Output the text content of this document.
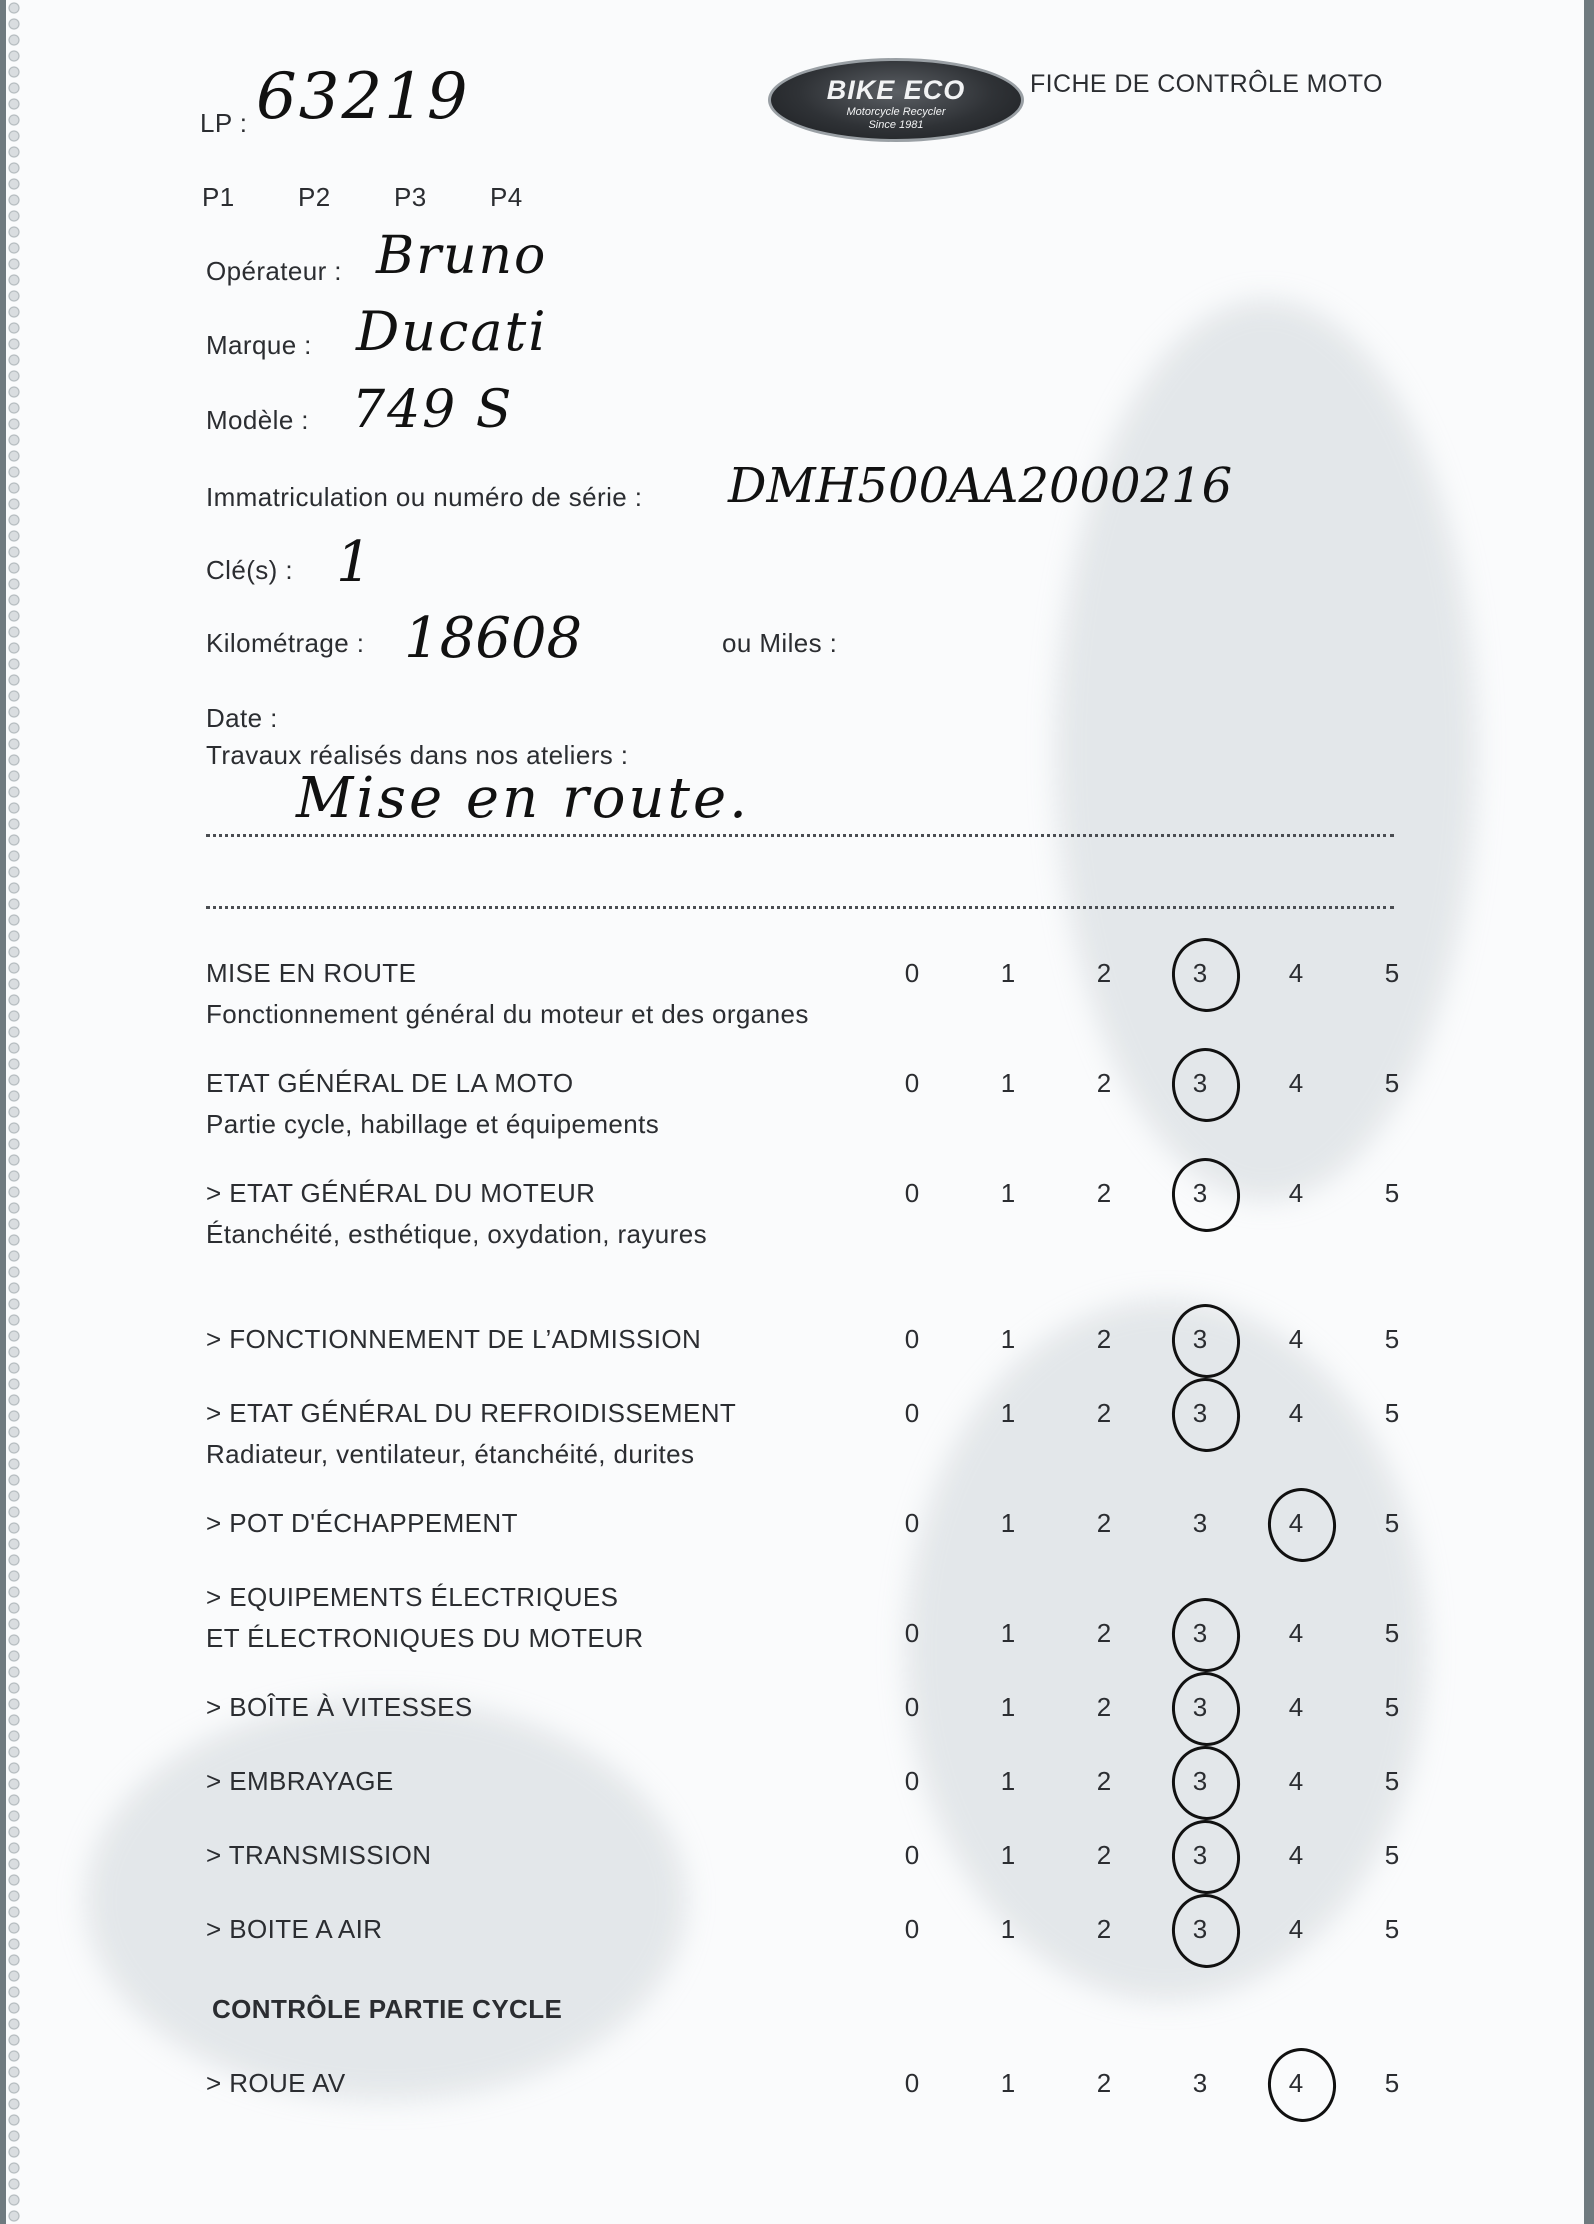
BIKE ECO
Motorcycle Recycler
Since 1981
FICHE DE CONTRÔLE MOTO
LP : 63219
P1 P2 P3 P4
Opérateur : Bruno
Marque : Ducati
Modèle : 749 S
Immatriculation ou numéro de série : DMH500AA2000216
Clé(s) : 1
Kilométrage : 18608	ou Miles :
Date :
Travaux réalisés dans nos ateliers :
Mise en route.
MISE EN ROUTE
Fonctionnement général du moteur et des organes
0	1	2	3	4	5
ETAT GÉNÉRAL DE LA MOTO
Partie cycle, habillage et équipements
0	1	2	3	4	5
> ETAT GÉNÉRAL DU MOTEUR
Étanchéité, esthétique, oxydation, rayures
0	1	2	3	4	5
> FONCTIONNEMENT DE L’ADMISSION	0	1	2	3	4	5
> ETAT GÉNÉRAL DU REFROIDISSEMENT
Radiateur, ventilateur, étanchéité, durites
0	1	2	3	4	5
> POT D'ÉCHAPPEMENT	0	1	2	3	4	5
> EQUIPEMENTS ÉLECTRIQUES
ET ÉLECTRONIQUES DU MOTEUR	0	1	2	3	4	5
> BOÎTE À VITESSES	0	1	2	3	4	5
> EMBRAYAGE	0	1	2	3	4	5
> TRANSMISSION	0	1	2	3	4	5
> BOITE A AIR	0	1	2	3	4	5
> ROUE AV	0	1	2	3	4	5
CONTRÔLE PARTIE CYCLE
